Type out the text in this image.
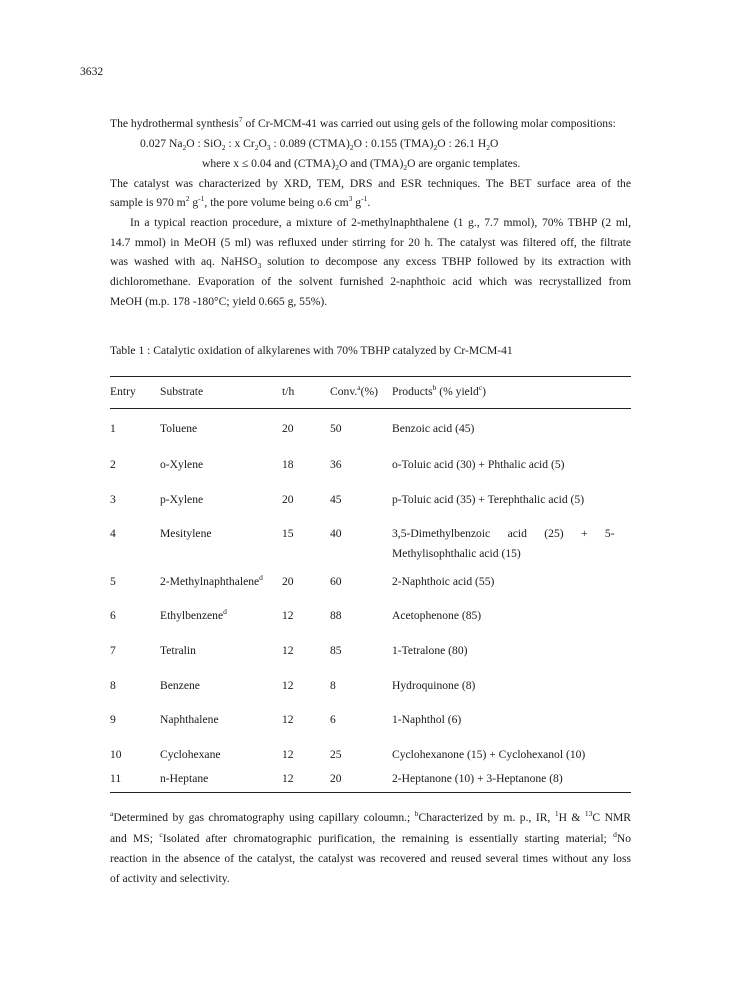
3632
The hydrothermal synthesis$^7$ of Cr-MCM-41 was carried out using gels of the following molar compositions:
0.027 $Na_2O$ : SiO$_2$ : x $Cr_2O_3$ : 0.089 $(CTMA)_2O$ : 0.155 $(TMA)_2O$ : 26.1 $H_2O$
where x ≤ 0.04 and $(CTMA)_2O$ and $(TMA)_2O$ are organic templates.
The catalyst was characterized by XRD, TEM, DRS and ESR techniques. The BET surface area of the
sample is 970 $m^2$ $g^{-1}$, the pore volume being o.6 $cm^3$ $g^{-1}$.
In a typical reaction procedure, a mixture of 2-methylnaphthalene (1 g., 7.7 mmol), 70% TBHP (2 ml,
14.7 mmol) in MeOH (5 ml) was refluxed under stirring for 20 h. The catalyst was filtered off, the filtrate
was washed with aq. NaHSO$_3$ solution to decompose any excess TBHP followed by its extraction with
dichloromethane. Evaporation of the solvent furnished 2-naphthoic acid which was recrystallized from
MeOH (m.p. 178 -180°C; yield 0.665 g, 55%).
Table 1 : Catalytic oxidation of alkylarenes with 70% TBHP catalyzed by Cr-MCM-41
Entry Substrate	t/h	Conv.$^a$(%) Products$^b$ (% yield$^c$)
1	Toluene	20	50	Benzoic acid (45)
2	o-Xylene	18	36	o-Toluic acid (30) + Phthalic acid (5)
3	p-Xylene	20	45	p-Toluic acid (35) + Terephthalic acid (5)
4	Mesitylene	15	40	3,5-Dimethylbenzoic      acid      (25)      +      5-
Methylisophthalic acid (15)
5	2-Methylnaphthalene$^d$ 20	60	2-Naphthoic acid (55)
6	Ethylbenzene$^d$	12	88	Acetophenone (85)
7	Tetralin	12	85	1-Tetralone (80)
8	Benzene	12	8	Hydroquinone (8)
9	Naphthalene	12	6	1-Naphthol (6)
10	Cyclohexane	12	25	Cyclohexanone (15) + Cyclohexanol (10)
11	n-Heptane	12	20	2-Heptanone (10) + 3-Heptanone (8)
$^a$Determined by gas chromatography using capillary coloumn.; $^b$Characterized by m. p., IR, $^1$H & $^{13}$C NMR
and MS; $^c$Isolated after chromatographic purification, the remaining is essentially starting material; $^d$No
reaction in the absence of the catalyst, the catalyst was recovered and reused several times without any loss
of activity and selectivity.
